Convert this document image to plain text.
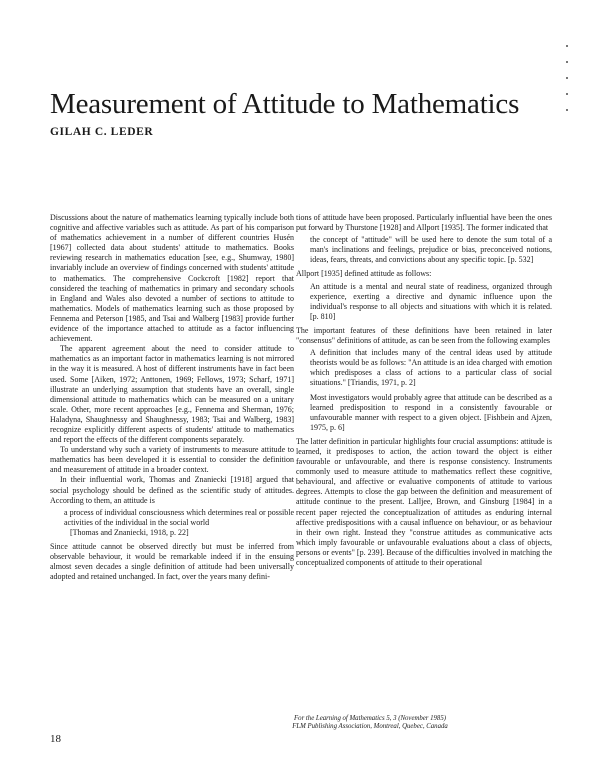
Measurement of Attitude to Mathematics
GILAH C. LEDER

Discussions about the nature of mathematics learning typically include both cognitive and affective variables such as attitude. As part of his comparison of mathematics achievement in a number of different countries Husén [1967] collected data about students' attitude to mathematics. Books reviewing research in mathematics education [see, e.g., Shumway, 1980] invariably include an overview of findings concerned with students' attitude to mathematics. The comprehensive Cockcroft [1982] report that considered the teaching of mathematics in primary and secondary schools in England and Wales also devoted a number of sections to attitude to mathematics. Models of mathematics learning such as those proposed by Fennema and Peterson [1985, and Tsai and Walberg [1983] provide further evidence of the importance attached to attitude as a factor influencing achievement.

The apparent agreement about the need to consider attitude to mathematics as an important factor in mathematics learning is not mirrored in the way it is measured. A host of different instruments have in fact been used. Some [Aiken, 1972; Anttonen, 1969; Fellows, 1973; Scharf, 1971] illustrate an underlying assumption that students have an overall, single dimensional attitude to mathematics which can be measured on a unitary scale. Other, more recent approaches [e.g., Fennema and Sherman, 1976; Haladyna, Shaughnessy and Shaughnessy, 1983; Tsai and Walberg, 1983] recognize explicitly different aspects of students' attitude to mathematics and report the effects of the different components separately.

To understand why such a variety of instruments to measure attitude to mathematics has been developed it is essential to consider the definition and measurement of attitude in a broader context.

In their influential work, Thomas and Znaniecki [1918] argued that social psychology should be defined as the scientific study of attitudes. According to them, an attitude is

a process of individual consciousness which determines real or possible activities of the individual in the social world
[Thomas and Znaniecki, 1918, p. 22]

Since attitude cannot be observed directly but must be inferred from observable behaviour, it would be remarkable indeed if in the ensuing almost seven decades a single definition of attitude had been universally adopted and retained unchanged. In fact, over the years many defini-

tions of attitude have been proposed. Particularly influential have been the ones put forward by Thurstone [1928] and Allport [1935]. The former indicated that

the concept of "attitude" will be used here to denote the sum total of a man's inclinations and feelings, prejudice or bias, preconceived notions, ideas, fears, threats, and convictions about any specific topic. [p. 532]

Allport [1935] defined attitude as follows:

An attitude is a mental and neural state of readiness, organized through experience, exerting a directive and dynamic influence upon the individual's response to all objects and situations with which it is related. [p. 810]

The important features of these definitions have been retained in later "consensus" definitions of attitude, as can be seen from the following examples

A definition that includes many of the central ideas used by attitude theorists would be as follows: "An attitude is an idea charged with emotion which predisposes a class of actions to a particular class of social situations." [Triandis, 1971, p. 2]

Most investigators would probably agree that attitude can be described as a learned predisposition to respond in a consistently favourable or unfavourable manner with respect to a given object. [Fishbein and Ajzen, 1975, p. 6]

The latter definition in particular highlights four crucial assumptions: attitude is learned, it predisposes to action, the action toward the object is either favourable or unfavourable, and there is response consistency. Instruments commonly used to measure attitude to mathematics reflect these cognitive, behavioural, and affective or evaluative components of attitude to various degrees. Attempts to close the gap between the definition and measurement of attitude continue to the present. Lalljee, Brown, and Ginsburg [1984] in a recent paper rejected the conceptualization of attitudes as enduring internal affective predispositions with a causal influence on behaviour, or as behaviour in their own right. Instead they "construe attitudes as communicative acts which imply favourable or unfavourable evaluations about a class of objects, persons or events" [p. 239]. Because of the difficulties involved in matching the conceptualized components of attitude to their operational

18
For the Learning of Mathematics 5, 3 (November 1985)
FLM Publishing Association, Montreal, Quebec, Canada
